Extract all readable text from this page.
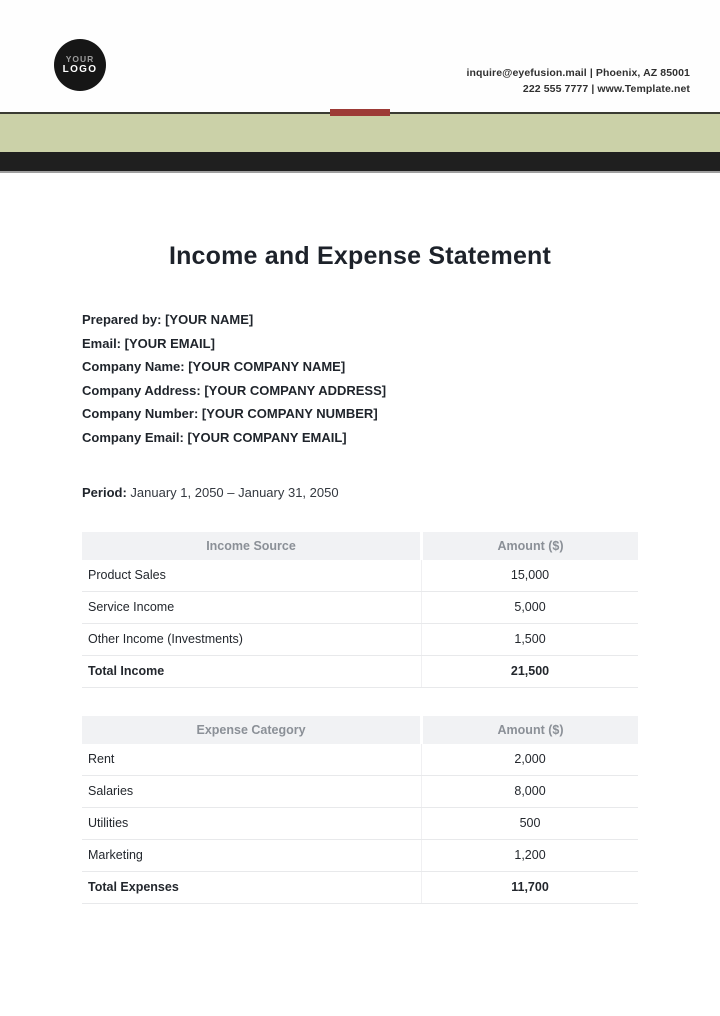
YOUR
LOGO	inquire@eyefusion.mail | Phoenix, AZ 85001
222 555 7777 | www.Template.net
Income and Expense Statement
Prepared by: [YOUR NAME]
Email: [YOUR EMAIL]
Company Name: [YOUR COMPANY NAME]
Company Address: [YOUR COMPANY ADDRESS]
Company Number: [YOUR COMPANY NUMBER]
Company Email: [YOUR COMPANY EMAIL]
Period: January 1, 2050 – January 31, 2050
Income Source	Amount ($)
Product Sales	15,000
Service Income	5,000
Other Income (Investments)	1,500
Total Income	21,500
Expense Category	Amount ($)
Rent	2,000
Salaries	8,000
Utilities	500
Marketing	1,200
Total Expenses	11,700
